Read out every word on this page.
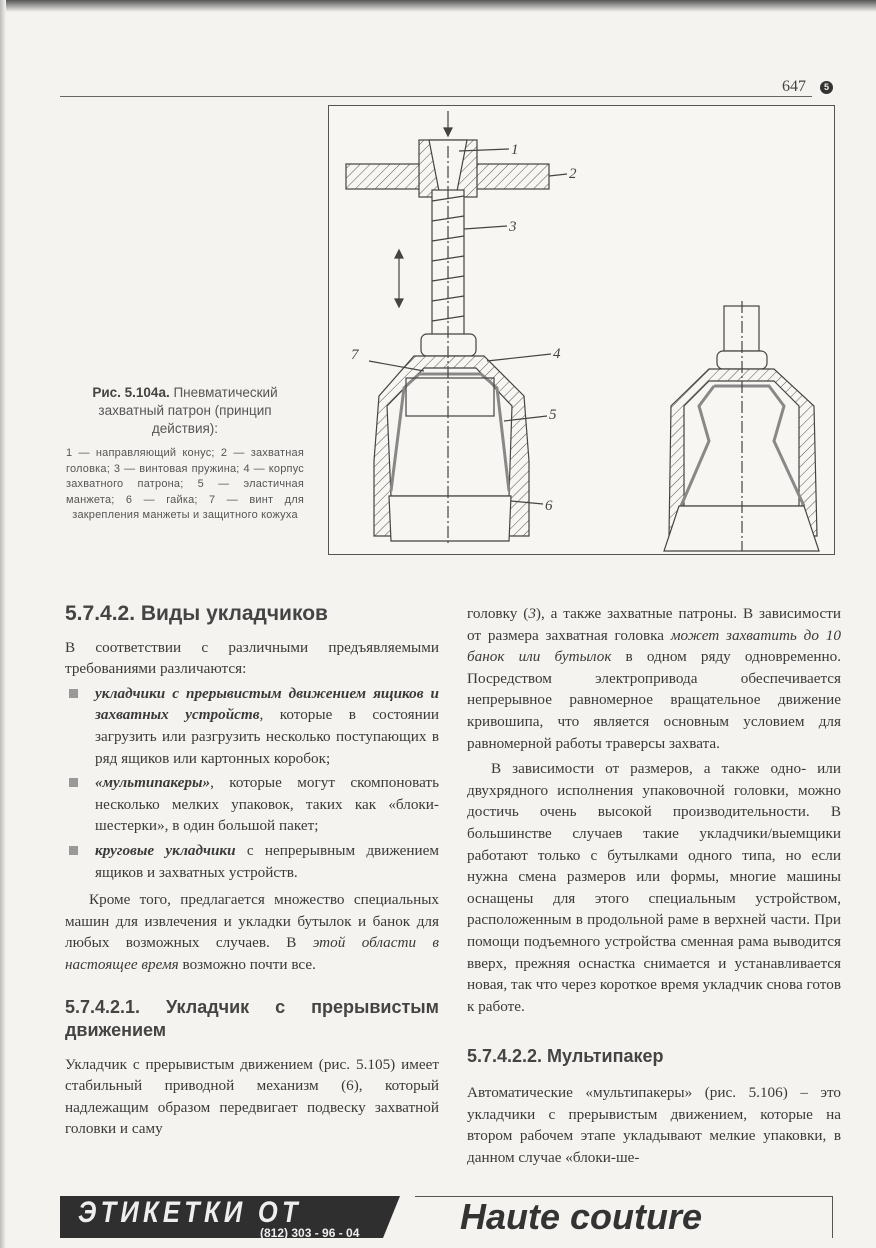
647	5
1
2
3
4
5
6
7
Рис. 5.104а. Пневматический захватный патрон (принцип действия):
1 — направляющий конус; 2 — захватная головка; 3 — винтовая пружина; 4 — корпус захватного патрона; 5 — эластичная манжета; 6 — гайка; 7 — винт для закрепления манжеты и защитного кожуха
5.7.4.2. Виды укладчиков

В соответствии с различными предъявляемыми требованиями различаются:

укладчики с прерывистым движением ящиков и захватных устройств, которые в состоянии загрузить или разгрузить несколько поступающих в ряд ящиков или картонных коробок;

«мультипакеры», которые могут скомпоновать несколько мелких упаковок, таких как «блоки-шестерки», в один большой пакет;

круговые укладчики с непрерывным движением ящиков и захватных устройств.

Кроме того, предлагается множество специальных машин для извлечения и укладки бутылок и банок для любых возможных случаев. В этой области в настоящее время возможно почти все.

5.7.4.2.1. Укладчик с прерывистым движением

Укладчик с прерывистым движением (рис. 5.105) имеет стабильный приводной механизм (6), который надлежащим образом передвигает подвеску захватной головки и саму

головку (3), а также захватные патроны. В зависимости от размера захватная головка может захватить до 10 банок или бутылок в одном ряду одновременно. Посредством электропривода обеспечивается непрерывное равномерное вращательное движение кривошипа, что является основным условием для равномерной работы траверсы захвата.

В зависимости от размеров, а также одно- или двухрядного исполнения упаковочной головки, можно достичь очень высокой производительности. В большинстве случаев такие укладчики/выемщики работают только с бутылками одного типа, но если нужна смена размеров или формы, многие машины оснащены для этого специальным устройством, расположенным в продольной раме в верхней части. При помощи подъемного устройства сменная рама выводится вверх, прежняя оснастка снимается и устанавливается новая, так что через короткое время укладчик снова готов к работе.

5.7.4.2.2. Мультипакер

Автоматические «мультипакеры» (рис. 5.106) – это укладчики с прерывистым движением, которые на втором рабочем этапе укладывают мелкие упаковки, в данном случае «блоки-ше-

ЭТИКЕТКИ ОТ
(812) 303 - 96 - 04	Haute couture
